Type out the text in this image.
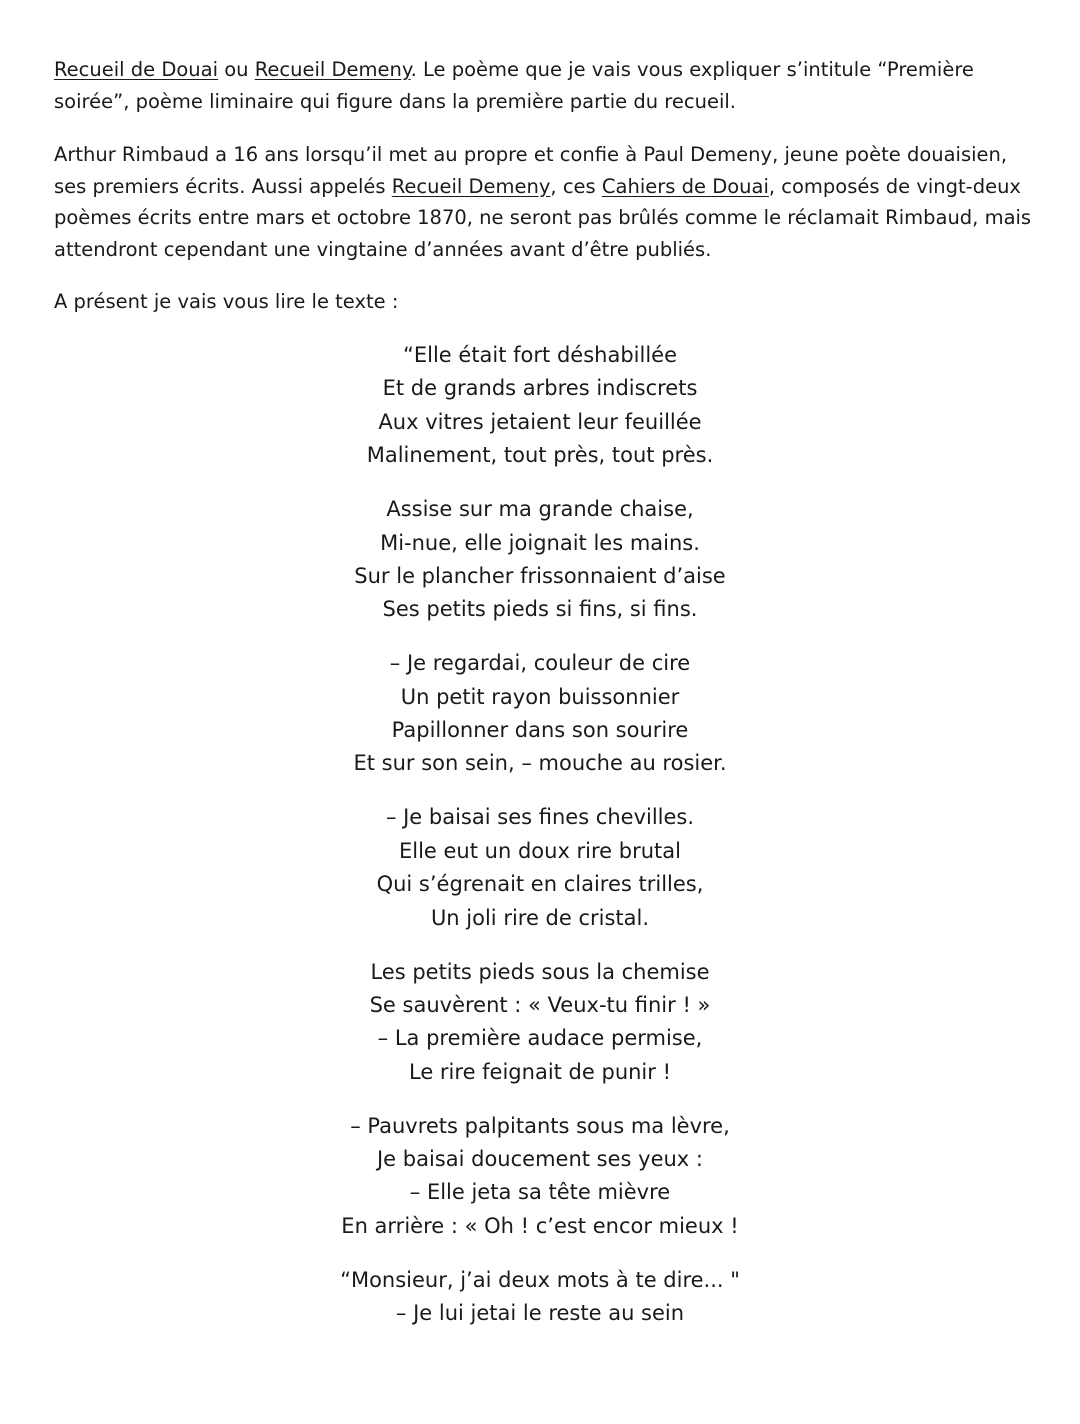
Recueil de Douai ou Recueil Demeny. Le poème que je vais vous expliquer s’intitule “Première soirée”, poème liminaire qui figure dans la première partie du recueil.

Arthur Rimbaud a 16 ans lorsqu’il met au propre et confie à Paul Demeny, jeune poète douaisien, ses premiers écrits. Aussi appelés Recueil Demeny, ces Cahiers de Douai, composés de vingt-deux poèmes écrits entre mars et octobre 1870, ne seront pas brûlés comme le réclamait Rimbaud, mais attendront cependant une vingtaine d’années avant d’être publiés.

A présent je vais vous lire le texte :

“Elle était fort déshabillée
Et de grands arbres indiscrets
Aux vitres jetaient leur feuillée
Malinement, tout près, tout près.
Assise sur ma grande chaise,
Mi-nue, elle joignait les mains.
Sur le plancher frissonnaient d’aise
Ses petits pieds si fins, si fins.
– Je regardai, couleur de cire
Un petit rayon buissonnier
Papillonner dans son sourire
Et sur son sein, – mouche au rosier.
– Je baisai ses fines chevilles.
Elle eut un doux rire brutal
Qui s’égrenait en claires trilles,
Un joli rire de cristal.
Les petits pieds sous la chemise
Se sauvèrent : « Veux-tu finir ! »
– La première audace permise,
Le rire feignait de punir !
– Pauvrets palpitants sous ma lèvre,
Je baisai doucement ses yeux :
– Elle jeta sa tête mièvre
En arrière : « Oh ! c’est encor mieux !
“Monsieur, j’ai deux mots à te dire... "
– Je lui jetai le reste au sein
